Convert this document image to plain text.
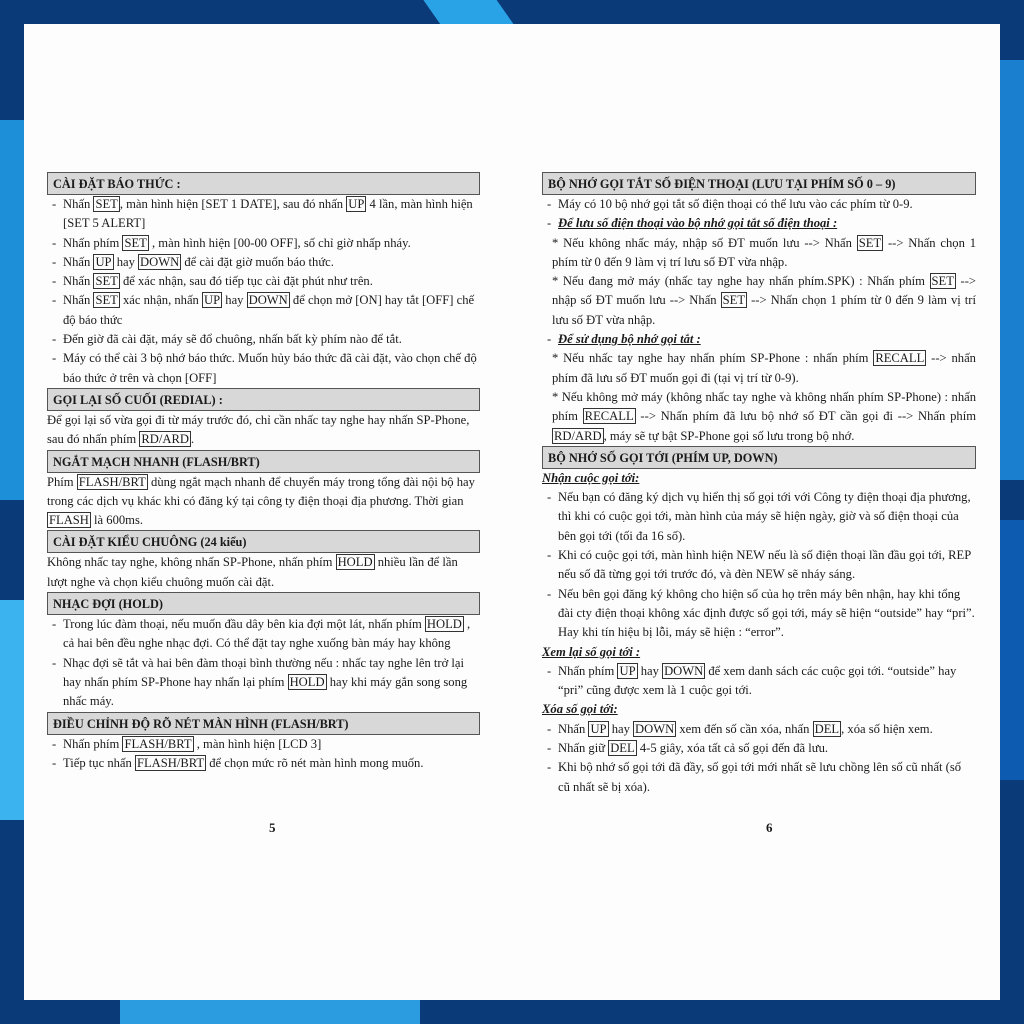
CÀI ĐẶT BÁO THỨC :
- Nhấn SET , màn hình hiện [SET 1 DATE], sau đó nhấn UP 4 lần, màn hình hiện [SET 5 ALERT]
- Nhấn phím SET , màn hình hiện [00-00 OFF], số chỉ giờ nhấp nháy.
- Nhấn UP hay DOWN để cài đặt giờ muốn báo thức.
- Nhấn SET để xác nhận, sau đó tiếp tục cài đặt phút như trên.
- Nhấn SET xác nhận, nhấn UP hay DOWN để chọn mở [ON] hay tắt [OFF] chế độ báo thức
- Đến giờ đã cài đặt, máy sẽ đổ chuông, nhấn bất kỳ phím nào để tắt.
- Máy có thể cài 3 bộ nhớ báo thức. Muốn hủy báo thức đã cài đặt, vào chọn chế độ báo thức ở trên và chọn [OFF]
GỌI LẠI SỐ CUỐI (REDIAL) :
Để gọi lại số vừa gọi đi từ máy trước đó, chỉ cần nhấc tay nghe hay nhấn SP-Phone, sau đó nhấn phím RD/ARD .
NGẮT MẠCH NHANH (FLASH/BRT)
Phím FLASH/BRT dùng ngắt mạch nhanh để chuyển máy trong tổng đài nội bộ hay trong các dịch vụ khác khi có đăng ký tại công ty điện thoại địa phương. Thời gian FLASH là 600ms.
CÀI ĐẶT KIỂU CHUÔNG (24 kiểu)
Không nhấc tay nghe, không nhấn SP-Phone, nhấn phím HOLD nhiều lần để lần lượt nghe và chọn kiểu chuông muốn cài đặt.
NHẠC ĐỢI (HOLD)
- Trong lúc đàm thoại, nếu muốn đầu dây bên kia đợi một lát, nhấn phím HOLD , cả hai bên đều nghe nhạc đợi. Có thể đặt tay nghe xuống bàn máy hay không
- Nhạc đợi sẽ tắt và hai bên đàm thoại bình thường nếu : nhấc tay nghe lên trở lại hay nhấn phím SP-Phone hay nhấn lại phím HOLD hay khi máy gắn song song nhấc máy.
ĐIỀU CHỈNH ĐỘ RÕ NÉT MÀN HÌNH (FLASH/BRT)
- Nhấn phím FLASH/BRT , màn hình hiện [LCD 3]
- Tiếp tục nhấn FLASH/BRT để chọn mức rõ nét màn hình mong muốn.
BỘ NHỚ GỌI TẮT SỐ ĐIỆN THOẠI (LƯU TẠI PHÍM SỐ 0 – 9)
- Máy có 10 bộ nhớ gọi tắt số điện thoại có thể lưu vào các phím từ 0-9.
- Để lưu số điện thoại vào bộ nhớ gọi tắt số điện thoại :
* Nếu không nhấc máy, nhập số ĐT muốn lưu --> Nhấn SET --> Nhấn chọn 1 phím từ 0 đến 9 làm vị trí lưu số ĐT vừa nhập.
* Nếu đang mở máy (nhấc tay nghe hay nhấn phím.SPK) : Nhấn phím SET --> nhập số ĐT muốn lưu --> Nhấn SET --> Nhấn chọn 1 phím từ 0 đến 9 làm vị trí lưu số ĐT vừa nhập.
- Để sử dụng bộ nhớ gọi tắt :
* Nếu nhấc tay nghe hay nhấn phím SP-Phone : nhấn phím RECALL --> nhấn phím đã lưu số ĐT muốn gọi đi (tại vị trí từ 0-9).
* Nếu không mở máy (không nhấc tay nghe và không nhấn phím SP-Phone) : nhấn phím RECALL --> Nhấn phím đã lưu bộ nhớ số ĐT cần gọi đi --> Nhấn phím RD/ARD , máy sẽ tự bật SP-Phone gọi số lưu trong bộ nhớ.
BỘ NHỚ SỐ GỌI TỚI (PHÍM UP, DOWN)
Nhận cuộc gọi tới:
- Nếu bạn có đăng ký dịch vụ hiển thị số gọi tới với Công ty điện thoại địa phương, thì khi có cuộc gọi tới, màn hình của máy sẽ hiện ngày, giờ và số điện thoại của bên gọi tới (tối đa 16 số).
- Khi có cuộc gọi tới, màn hình hiện NEW nếu là số điện thoại lần đầu gọi tới, REP nếu số đã từng gọi tới trước đó, và đèn NEW sẽ nháy sáng.
- Nếu bên gọi đăng ký không cho hiện số của họ trên máy bên nhận, hay khi tổng đài cty điện thoại không xác định được số gọi tới, máy sẽ hiện “outside” hay “pri”. Hay khi tín hiệu bị lỗi, máy sẽ hiện : “error”.
Xem lại số gọi tới :
- Nhấn phím UP hay DOWN để xem danh sách các cuộc gọi tới. “outside” hay “pri” cũng được xem là 1 cuộc gọi tới.
Xóa số gọi tới:
- Nhấn UP hay DOWN xem đến số cần xóa, nhấn DEL , xóa số hiện xem.
- Nhấn giữ DEL 4-5 giây, xóa tất cả số gọi đến đã lưu.
- Khi bộ nhớ số gọi tới đã đầy, số gọi tới mới nhất sẽ lưu chồng lên số cũ nhất (số cũ nhất sẽ bị xóa).
5	6
